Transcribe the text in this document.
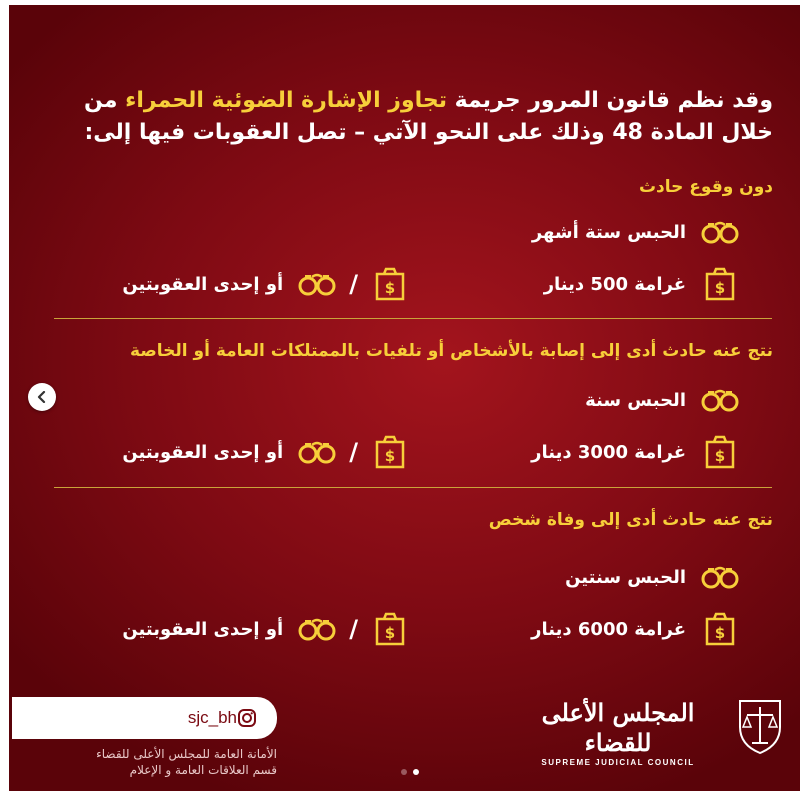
وقد نظم قانون المرور جريمة تجاوز الإشارة الضوئية الحمراء من خلال المادة 48 وذلك على النحو الآتي – تصل العقوبات فيها إلى:
دون وقوع حادث
الحبس ستة أشهر
$
غرامة 500 دينار
$
/
أو إحدى العقوبتين
نتج عنه حادث أدى إلى إصابة بالأشخاص أو تلفيات بالممتلكات العامة أو الخاصة
الحبس سنة
$
غرامة 3000 دينار
$
/
أو إحدى العقوبتين
نتج عنه حادث أدى إلى وفاة شخص
الحبس سنتين
$
غرامة 6000 دينار
$
/
أو إحدى العقوبتين
المجلس الأعلى للقضاء
SUPREME JUDICIAL COUNCIL
sjc_bh
الأمانة العامة للمجلس الأعلى للقضاء
قسم العلاقات العامة و الإعلام
